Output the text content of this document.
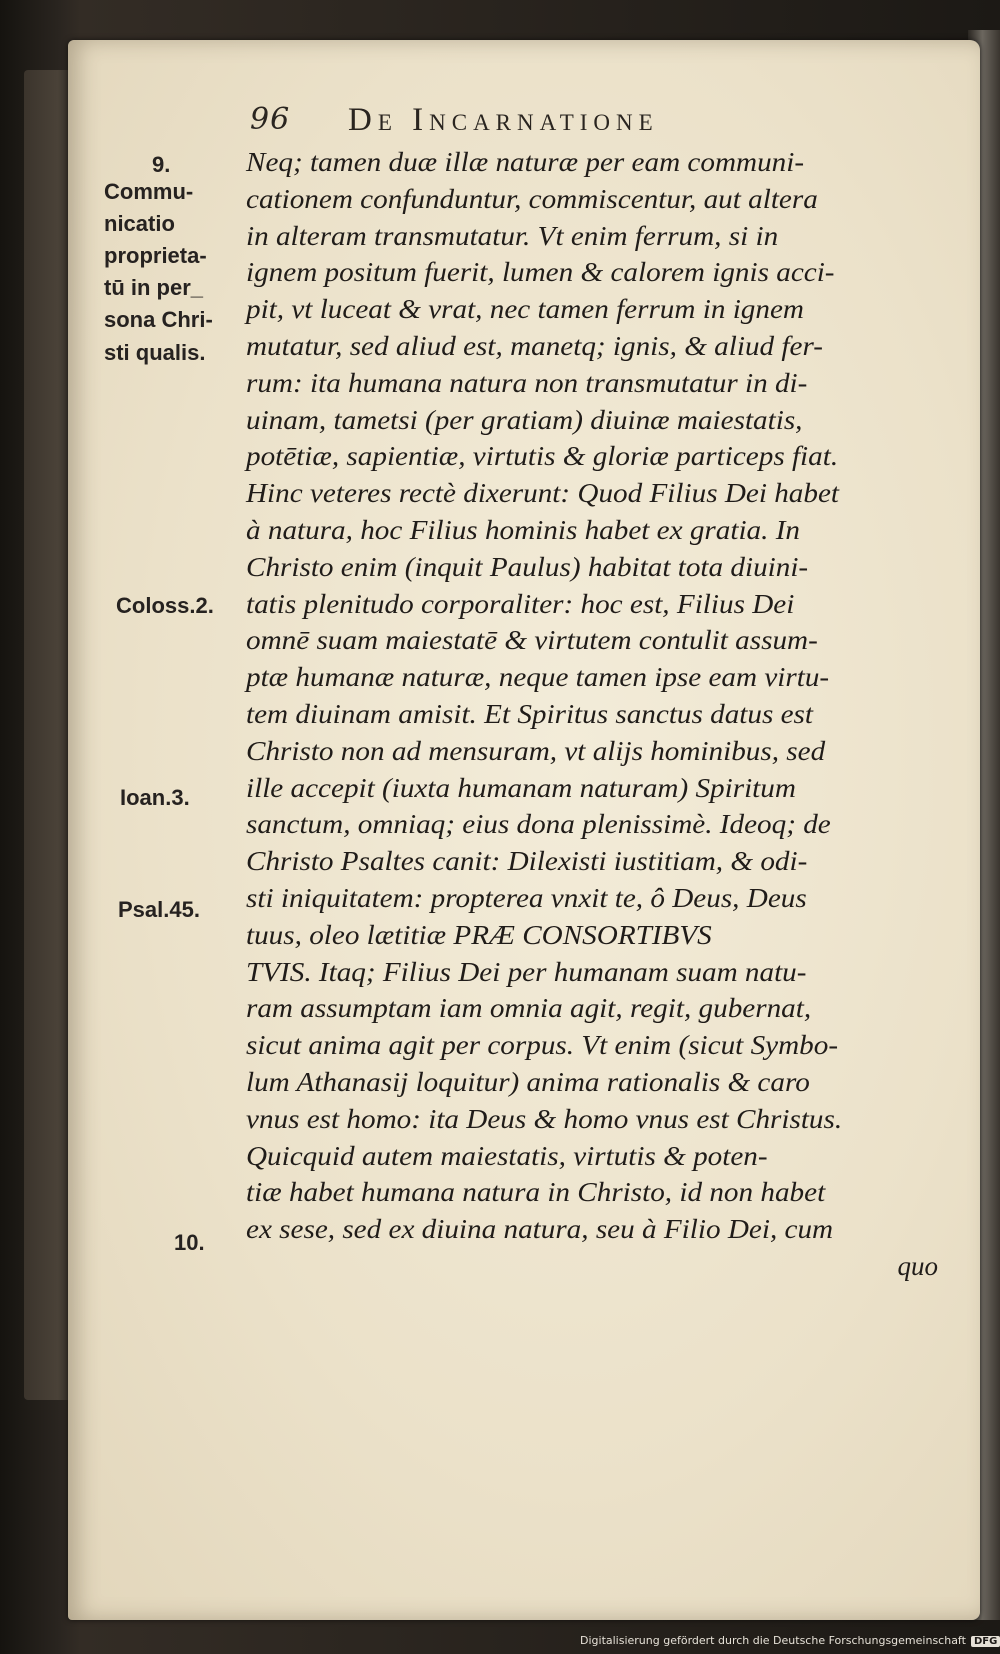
96 De Incarnatione
9.
Commu-
nicatio
proprieta-
tū in per_
sona Chri-
sti qualis.
Coloss.2.
Ioan.3.
Psal.45.
10.
Neq; tamen duæ illæ naturæ per eam communi-
cationem confunduntur, commiscentur, aut altera
in alteram transmutatur. Vt enim ferrum, si in
ignem positum fuerit, lumen & calorem ignis acci-
pit, vt luceat & vrat, nec tamen ferrum in ignem
mutatur, sed aliud est, manetq; ignis, & aliud fer-
rum: ita humana natura non transmutatur in di-
uinam, tametsi (per gratiam) diuinæ maiestatis,
potētiæ, sapientiæ, virtutis & gloriæ particeps fiat.
Hinc veteres rectè dixerunt: Quod Filius Dei habet
à natura, hoc Filius hominis habet ex gratia. In
Christo enim (inquit Paulus) habitat tota diuini-
tatis plenitudo corporaliter: hoc est, Filius Dei
omnē suam maiestatē & virtutem contulit assum-
ptæ humanæ naturæ, neque tamen ipse eam virtu-
tem diuinam amisit. Et Spiritus sanctus datus est
Christo non ad mensuram, vt alijs hominibus, sed
ille accepit (iuxta humanam naturam) Spiritum
sanctum, omniaq; eius dona plenissimè. Ideoq; de
Christo Psaltes canit: Dilexisti iustitiam, & odi-
sti iniquitatem: propterea vnxit te, ô Deus, Deus
tuus, oleo lætitiæ PRÆ CONSORTIBVS
TVIS. Itaq; Filius Dei per humanam suam natu-
ram assumptam iam omnia agit, regit, gubernat,
sicut anima agit per corpus. Vt enim (sicut Symbo-
lum Athanasij loquitur) anima rationalis & caro
vnus est homo: ita Deus & homo vnus est Christus.
Quicquid autem maiestatis, virtutis & poten-
tiæ habet humana natura in Christo, id non habet
ex sese, sed ex diuina natura, seu à Filio Dei, cum
quo
Digitalisierung gefördert durch die Deutsche Forschungsgemeinschaft DFG
